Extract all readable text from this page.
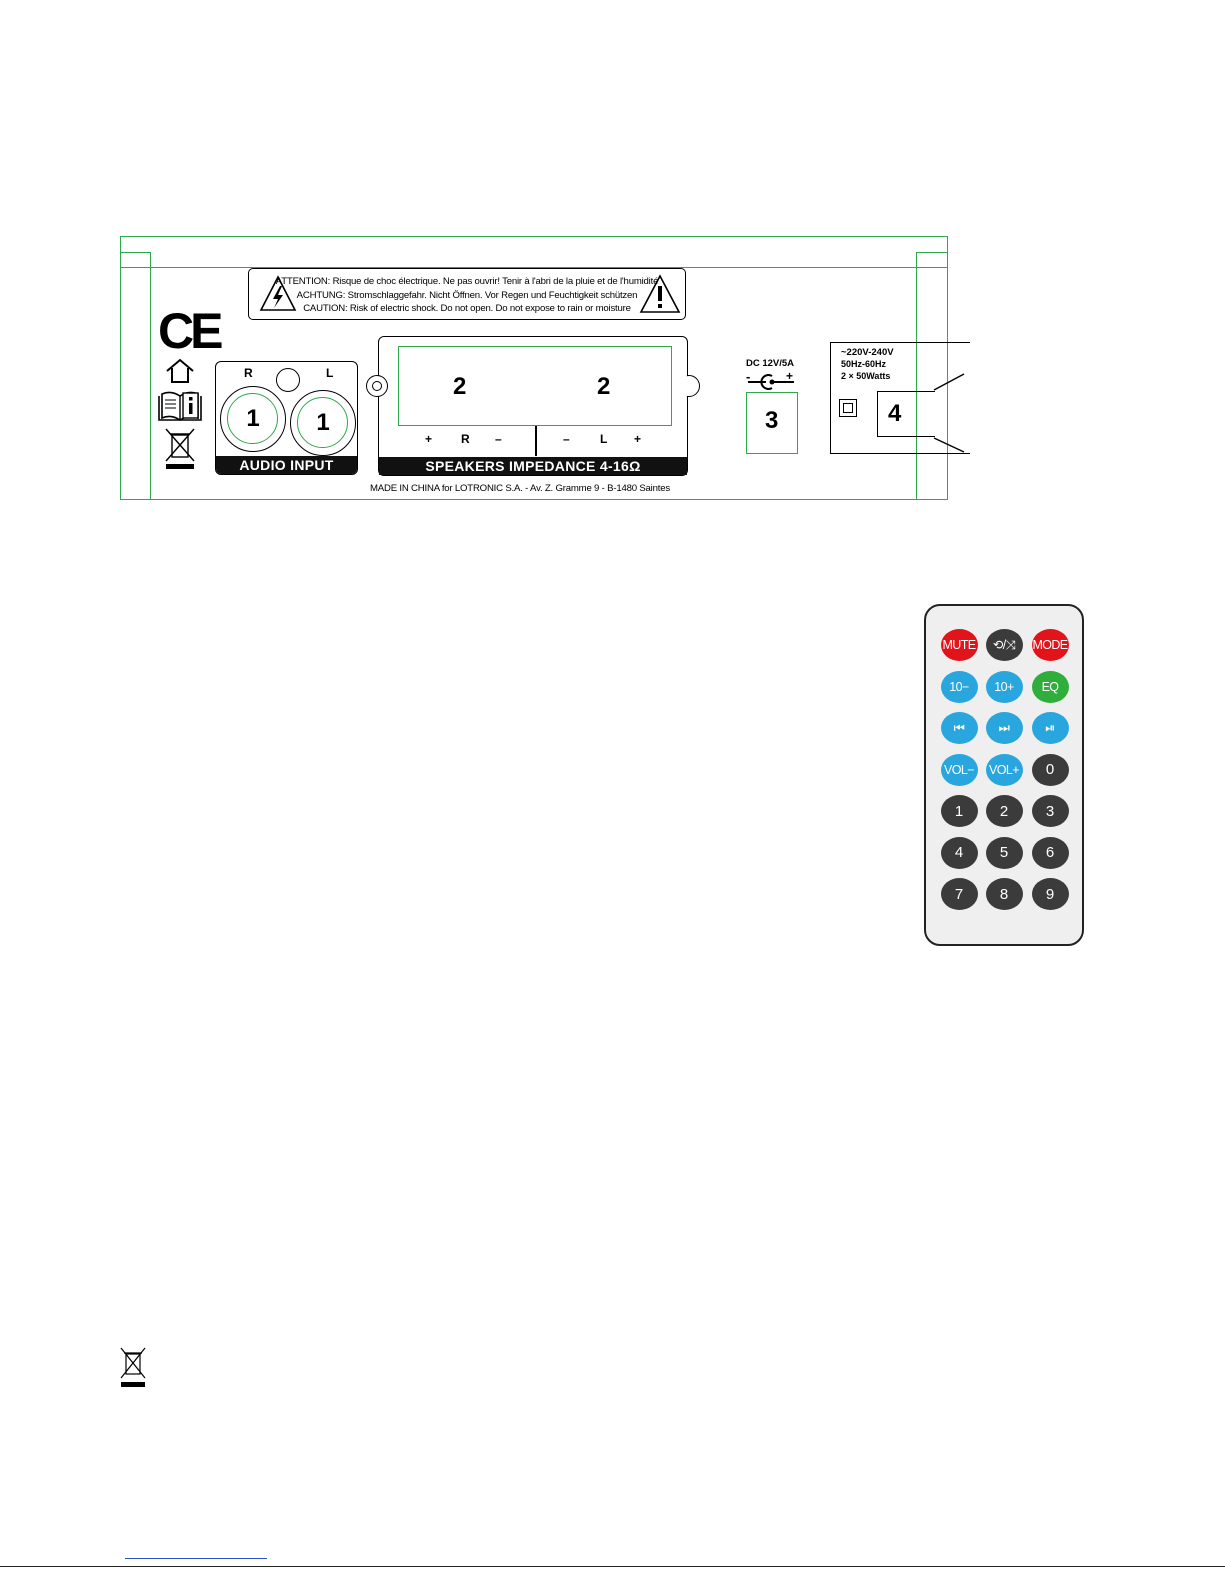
ATTENTION: Risque de choc électrique. Ne pas ouvrir! Tenir à l'abri de la pluie et de l'humidité
ACHTUNG: Stromschlaggefahr. Nicht Öffnen. Vor Regen und Feuchtigkeit schützen
CAUTION: Risk of electric shock. Do not open. Do not expose to rain or moisture
CE
R	L
1 1
AUDIO INPUT	SPEAKERS IMPEDANCE 4-16Ω
2	2
+ R –	–	L +
DC 12V/5A
-	+
3
~220V-240V
50Hz-60Hz
2 × 50Watts
4
MADE IN CHINA for LOTRONIC S.A. - Av. Z. Gramme 9 - B-1480 Saintes
MUTE	⟲/⤨	MODE
10−	10+	EQ
⏮	⏭	⏯
VOL− VOL+	0
1	2	3
4	5	6
7	8	9
